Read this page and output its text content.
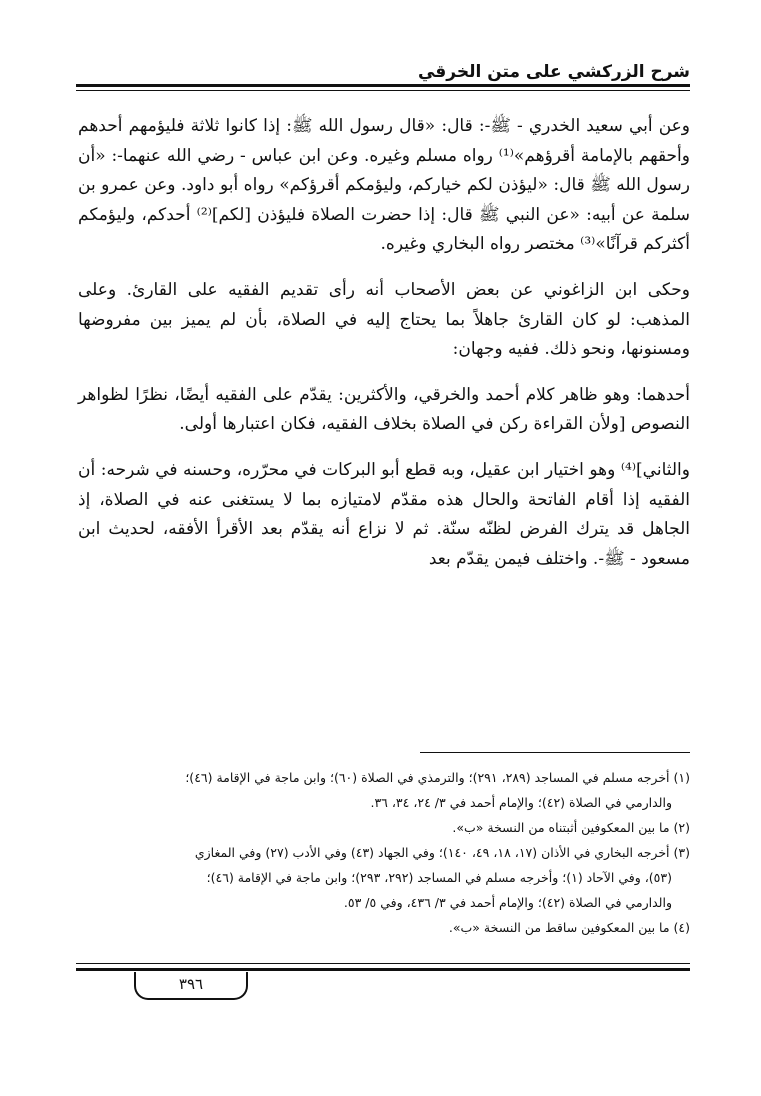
شرح الزركشي على متن الخرقي

وعن أبي سعيد الخدري - ﷺ-: قال: «قال رسول الله ﷺ: إذا كانوا ثلاثة فليؤمهم أحدهم وأحقهم بالإمامة أقرؤهم»⁽¹⁾ رواه مسلم وغيره. وعن ابن عباس - رضي الله عنهما-: «أن رسول الله ﷺ قال: «ليؤذن لكم خياركم، وليؤمكم أقرؤكم» رواه أبو داود. وعن عمرو بن سلمة عن أبيه: «عن النبي ﷺ قال: إذا حضرت الصلاة فليؤذن [لكم]⁽²⁾ أحدكم، وليؤمكم أكثركم قرآنًا»⁽³⁾ مختصر رواه البخاري وغيره.

وحكى ابن الزاغوني عن بعض الأصحاب أنه رأى تقديم الفقيه على القارئ. وعلى المذهب: لو كان القارئ جاهلاً بما يحتاج إليه في الصلاة، بأن لم يميز بين مفروضها ومسنونها، ونحو ذلك. ففيه وجهان:

أحدهما: وهو ظاهر كلام أحمد والخرقي، والأكثرين: يقدّم على الفقيه أيضًا، نظرًا لظواهر النصوص [ولأن القراءة ركن في الصلاة بخلاف الفقيه، فكان اعتبارها أولى.

والثاني]⁽⁴⁾ وهو اختيار ابن عقيل، وبه قطع أبو البركات في محرّره، وحسنه في شرحه: أن الفقيه إذا أقام الفاتحة والحال هذه مقدّم لامتيازه بما لا يستغنى عنه في الصلاة، إذ الجاهل قد يترك الفرض لظنّه سنّة. ثم لا نزاع أنه يقدّم بعد الأقرأ الأفقه، لحديث ابن مسعود - ﷺ-. واختلف فيمن يقدّم بعد

(١) أخرجه مسلم في المساجد (٢٨٩، ٢٩١)؛ والترمذي في الصلاة (٦٠)؛ وابن ماجة في الإقامة (٤٦)؛

والدارمي في الصلاة (٤٢)؛ والإمام أحمد في ٣/ ٢٤، ٣٤، ٣٦.

(٢) ما بين المعكوفين أثبتناه من النسخة «ب».

(٣) أخرجه البخاري في الأذان (١٧، ١٨، ٤٩، ١٤٠)؛ وفي الجهاد (٤٣) وفي الأدب (٢٧) وفي المغازي

(٥٣)، وفي الآحاد (١)؛ وأخرجه مسلم في المساجد (٢٩٢، ٢٩٣)؛ وابن ماجة في الإقامة (٤٦)؛

والدارمي في الصلاة (٤٢)؛ والإمام أحمد في ٣/ ٤٣٦، وفي ٥/ ٥٣.

(٤) ما بين المعكوفين ساقط من النسخة «ب».

٣٩٦
